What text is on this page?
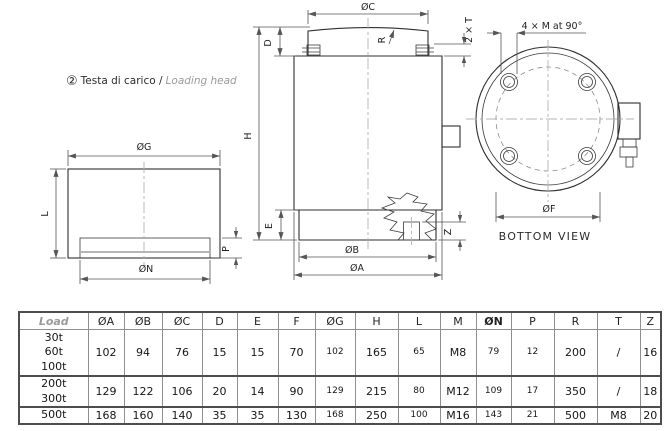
② Testa di carico / Loading head
ØG
L
ØN
P
ØC
D	R	2 × T
H
E
Z
ØB
ØA
4 × M at 90°
ØF
BOTTOM VIEW
Load	ØA	ØB	ØC	D	E	F	ØG	H	L	M	ØN	P	R	T	Z

30t
60t
100t	102	94	76	15	15	70	102	165	65	M8	79	12	200	/	16

200t
300t	129	122	106	20	14	90	129	215	80	M12	109	17	350	/	18

500t	168	160	140	35	35	130	168	250	100	M16	143	21	500	M8	20
